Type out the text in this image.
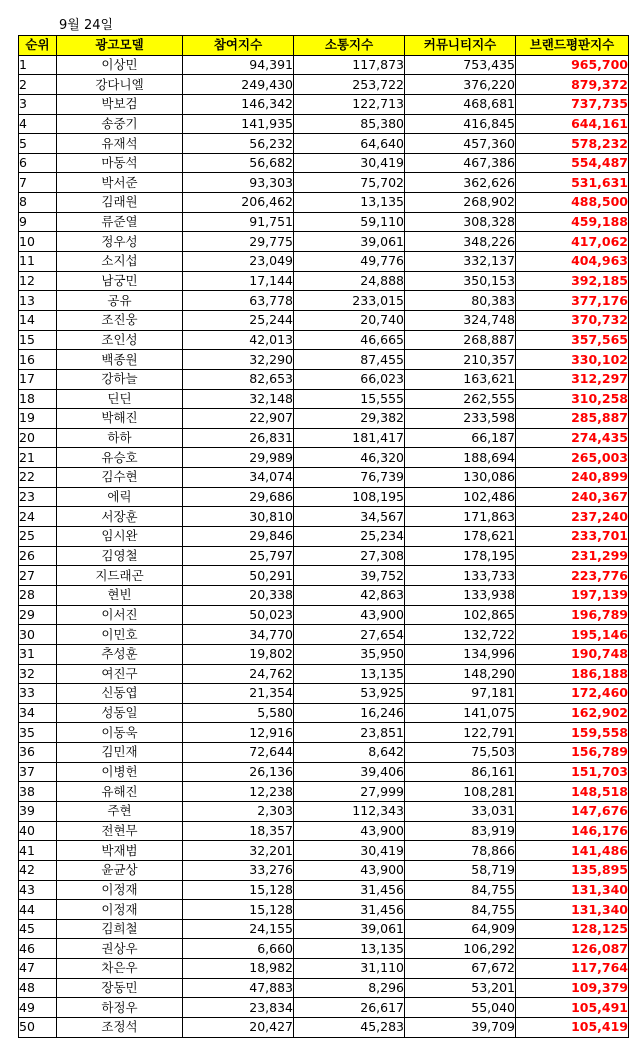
9월 24일
순위	광고모델	참여지수	소통지수	커뮤니티지수	브랜드평판지수
1	이상민	94,391	117,873	753,435	965,700
2	강다니엘	249,430	253,722	376,220	879,372
3	박보검	146,342	122,713	468,681	737,735
4	송중기	141,935	85,380	416,845	644,161
5	유재석	56,232	64,640	457,360	578,232
6	마동석	56,682	30,419	467,386	554,487
7	박서준	93,303	75,702	362,626	531,631
8	김래원	206,462	13,135	268,902	488,500
9	류준열	91,751	59,110	308,328	459,188
10	정우성	29,775	39,061	348,226	417,062
11	소지섭	23,049	49,776	332,137	404,963
12	남궁민	17,144	24,888	350,153	392,185
13	공유	63,778	233,015	80,383	377,176
14	조진웅	25,244	20,740	324,748	370,732
15	조인성	42,013	46,665	268,887	357,565
16	백종원	32,290	87,455	210,357	330,102
17	강하늘	82,653	66,023	163,621	312,297
18	딘딘	32,148	15,555	262,555	310,258
19	박해진	22,907	29,382	233,598	285,887
20	하하	26,831	181,417	66,187	274,435
21	유승호	29,989	46,320	188,694	265,003
22	김수현	34,074	76,739	130,086	240,899
23	에릭	29,686	108,195	102,486	240,367
24	서장훈	30,810	34,567	171,863	237,240
25	임시완	29,846	25,234	178,621	233,701
26	김영철	25,797	27,308	178,195	231,299
27	지드래곤	50,291	39,752	133,733	223,776
28	현빈	20,338	42,863	133,938	197,139
29	이서진	50,023	43,900	102,865	196,789
30	이민호	34,770	27,654	132,722	195,146
31	추성훈	19,802	35,950	134,996	190,748
32	여진구	24,762	13,135	148,290	186,188
33	신동엽	21,354	53,925	97,181	172,460
34	성동일	5,580	16,246	141,075	162,902
35	이동욱	12,916	23,851	122,791	159,558
36	김민재	72,644	8,642	75,503	156,789
37	이병헌	26,136	39,406	86,161	151,703
38	유해진	12,238	27,999	108,281	148,518
39	주현	2,303	112,343	33,031	147,676
40	전현무	18,357	43,900	83,919	146,176
41	박재범	32,201	30,419	78,866	141,486
42	윤균상	33,276	43,900	58,719	135,895
43	이정재	15,128	31,456	84,755	131,340
44	이정재	15,128	31,456	84,755	131,340
45	김희철	24,155	39,061	64,909	128,125
46	권상우	6,660	13,135	106,292	126,087
47	차은우	18,982	31,110	67,672	117,764
48	장동민	47,883	8,296	53,201	109,379
49	하정우	23,834	26,617	55,040	105,491
50	조정석	20,427	45,283	39,709	105,419
